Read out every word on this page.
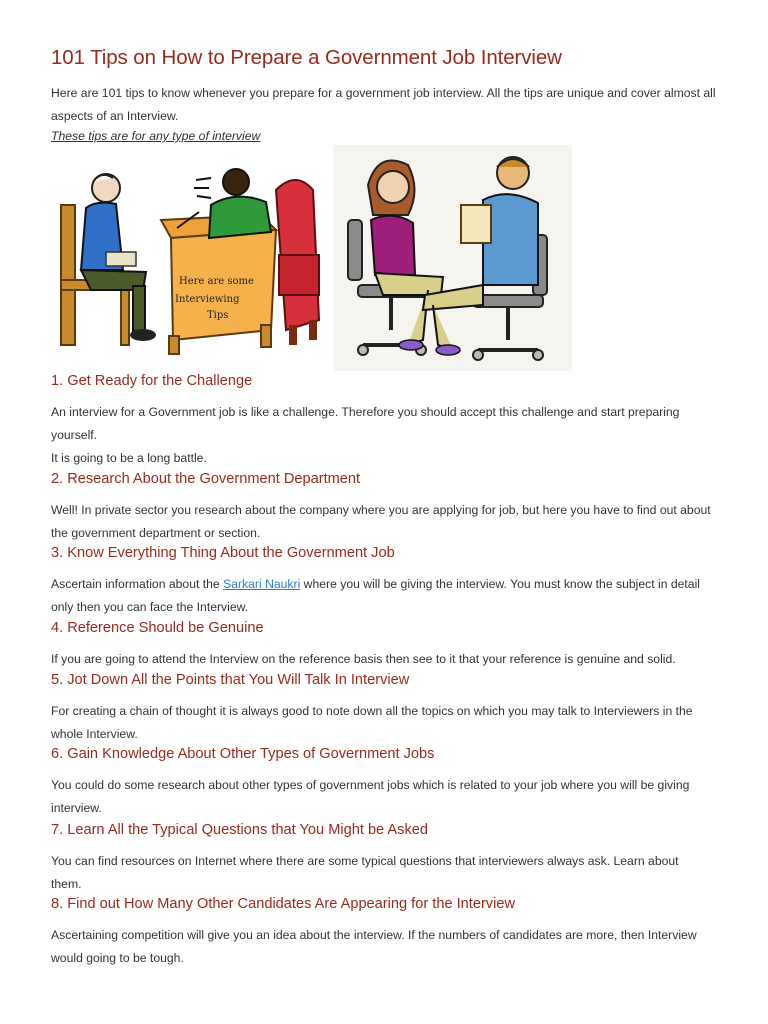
101 Tips on How to Prepare a Government Job Interview

Here are 101 tips to know whenever you prepare for a government job interview. All the tips are unique and cover almost all aspects of an Interview.

These tips are for any type of interview

Here are some
Interviewing
Tips
1. Get Ready for the Challenge

An interview for a Government job is like a challenge. Therefore you should accept this challenge and start preparing yourself.

It is going to be a long battle.

2. Research About the Government Department

Well! In private sector you research about the company where you are applying for job, but here you have to find out about the government department or section.

3. Know Everything Thing About the Government Job

Ascertain information about the Sarkari Naukri where you will be giving the interview. You must know the subject in detail only then you can face the Interview.

4. Reference Should be Genuine

If you are going to attend the Interview on the reference basis then see to it that your reference is genuine and solid.

5. Jot Down All the Points that You Will Talk In Interview

For creating a chain of thought it is always good to note down all the topics on which you may talk to Interviewers in the whole Interview.

6. Gain Knowledge About Other Types of Government Jobs

You could do some research about other types of government jobs which is related to your job where you will be giving interview.

7. Learn All the Typical Questions that You Might be Asked

You can find resources on Internet where there are some typical questions that interviewers always ask. Learn about them.

8. Find out How Many Other Candidates Are Appearing for the Interview

Ascertaining competition will give you an idea about the interview. If the numbers of candidates are more, then Interview would going to be tough.
